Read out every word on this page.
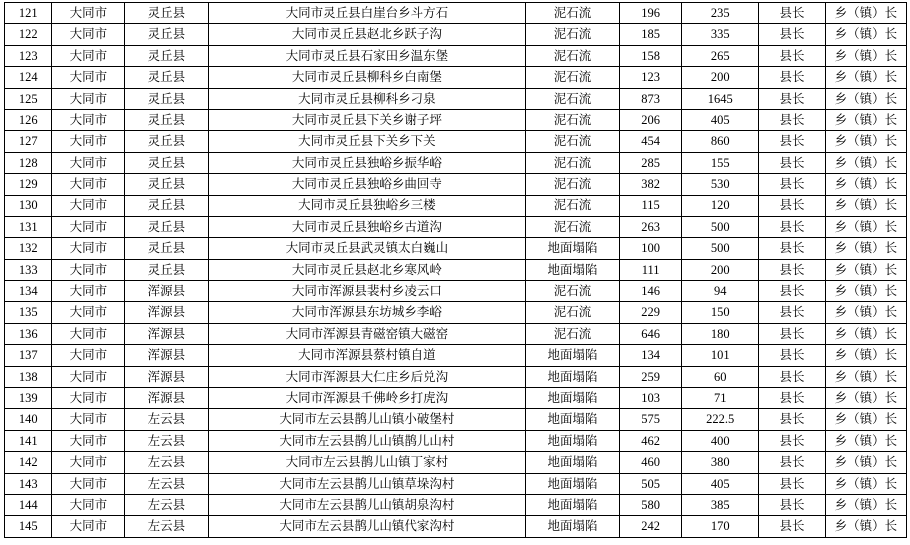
121	大同市	灵丘县	大同市灵丘县白崖台乡斗方石	泥石流	196	235	县长	乡（镇）长
122	大同市	灵丘县	大同市灵丘县赵北乡跃子沟	泥石流	185	335	县长	乡（镇）长
123	大同市	灵丘县	大同市灵丘县石家田乡温东堡	泥石流	158	265	县长	乡（镇）长
124	大同市	灵丘县	大同市灵丘县柳科乡白南堡	泥石流	123	200	县长	乡（镇）长
125	大同市	灵丘县	大同市灵丘县柳科乡刁泉	泥石流	873	1645	县长	乡（镇）长
126	大同市	灵丘县	大同市灵丘县下关乡谢子坪	泥石流	206	405	县长	乡（镇）长
127	大同市	灵丘县	大同市灵丘县下关乡下关	泥石流	454	860	县长	乡（镇）长
128	大同市	灵丘县	大同市灵丘县独峪乡振华峪	泥石流	285	155	县长	乡（镇）长
129	大同市	灵丘县	大同市灵丘县独峪乡曲回寺	泥石流	382	530	县长	乡（镇）长
130	大同市	灵丘县	大同市灵丘县独峪乡三楼	泥石流	115	120	县长	乡（镇）长
131	大同市	灵丘县	大同市灵丘县独峪乡古道沟	泥石流	263	500	县长	乡（镇）长
132	大同市	灵丘县	大同市灵丘县武灵镇太白巍山	地面塌陷	100	500	县长	乡（镇）长
133	大同市	灵丘县	大同市灵丘县赵北乡寒风岭	地面塌陷	111	200	县长	乡（镇）长
134	大同市	浑源县	大同市浑源县裴村乡凌云口	泥石流	146	94	县长	乡（镇）长
135	大同市	浑源县	大同市浑源县东坊城乡李峪	泥石流	229	150	县长	乡（镇）长
136	大同市	浑源县	大同市浑源县青磁窑镇大磁窑	泥石流	646	180	县长	乡（镇）长
137	大同市	浑源县	大同市浑源县蔡村镇自道	地面塌陷	134	101	县长	乡（镇）长
138	大同市	浑源县	大同市浑源县大仁庄乡后兑沟	地面塌陷	259	60	县长	乡（镇）长
139	大同市	浑源县	大同市浑源县千佛岭乡打虎沟	地面塌陷	103	71	县长	乡（镇）长
140	大同市	左云县	大同市左云县鹊儿山镇小破堡村	地面塌陷	575	222.5	县长	乡（镇）长
141	大同市	左云县	大同市左云县鹊儿山镇鹊儿山村	地面塌陷	462	400	县长	乡（镇）长
142	大同市	左云县	大同市左云县鹊儿山镇丁家村	地面塌陷	460	380	县长	乡（镇）长
143	大同市	左云县	大同市左云县鹊儿山镇草垛沟村	地面塌陷	505	405	县长	乡（镇）长
144	大同市	左云县	大同市左云县鹊儿山镇胡泉沟村	地面塌陷	580	385	县长	乡（镇）长
145	大同市	左云县	大同市左云县鹊儿山镇代家沟村	地面塌陷	242	170	县长	乡（镇）长
